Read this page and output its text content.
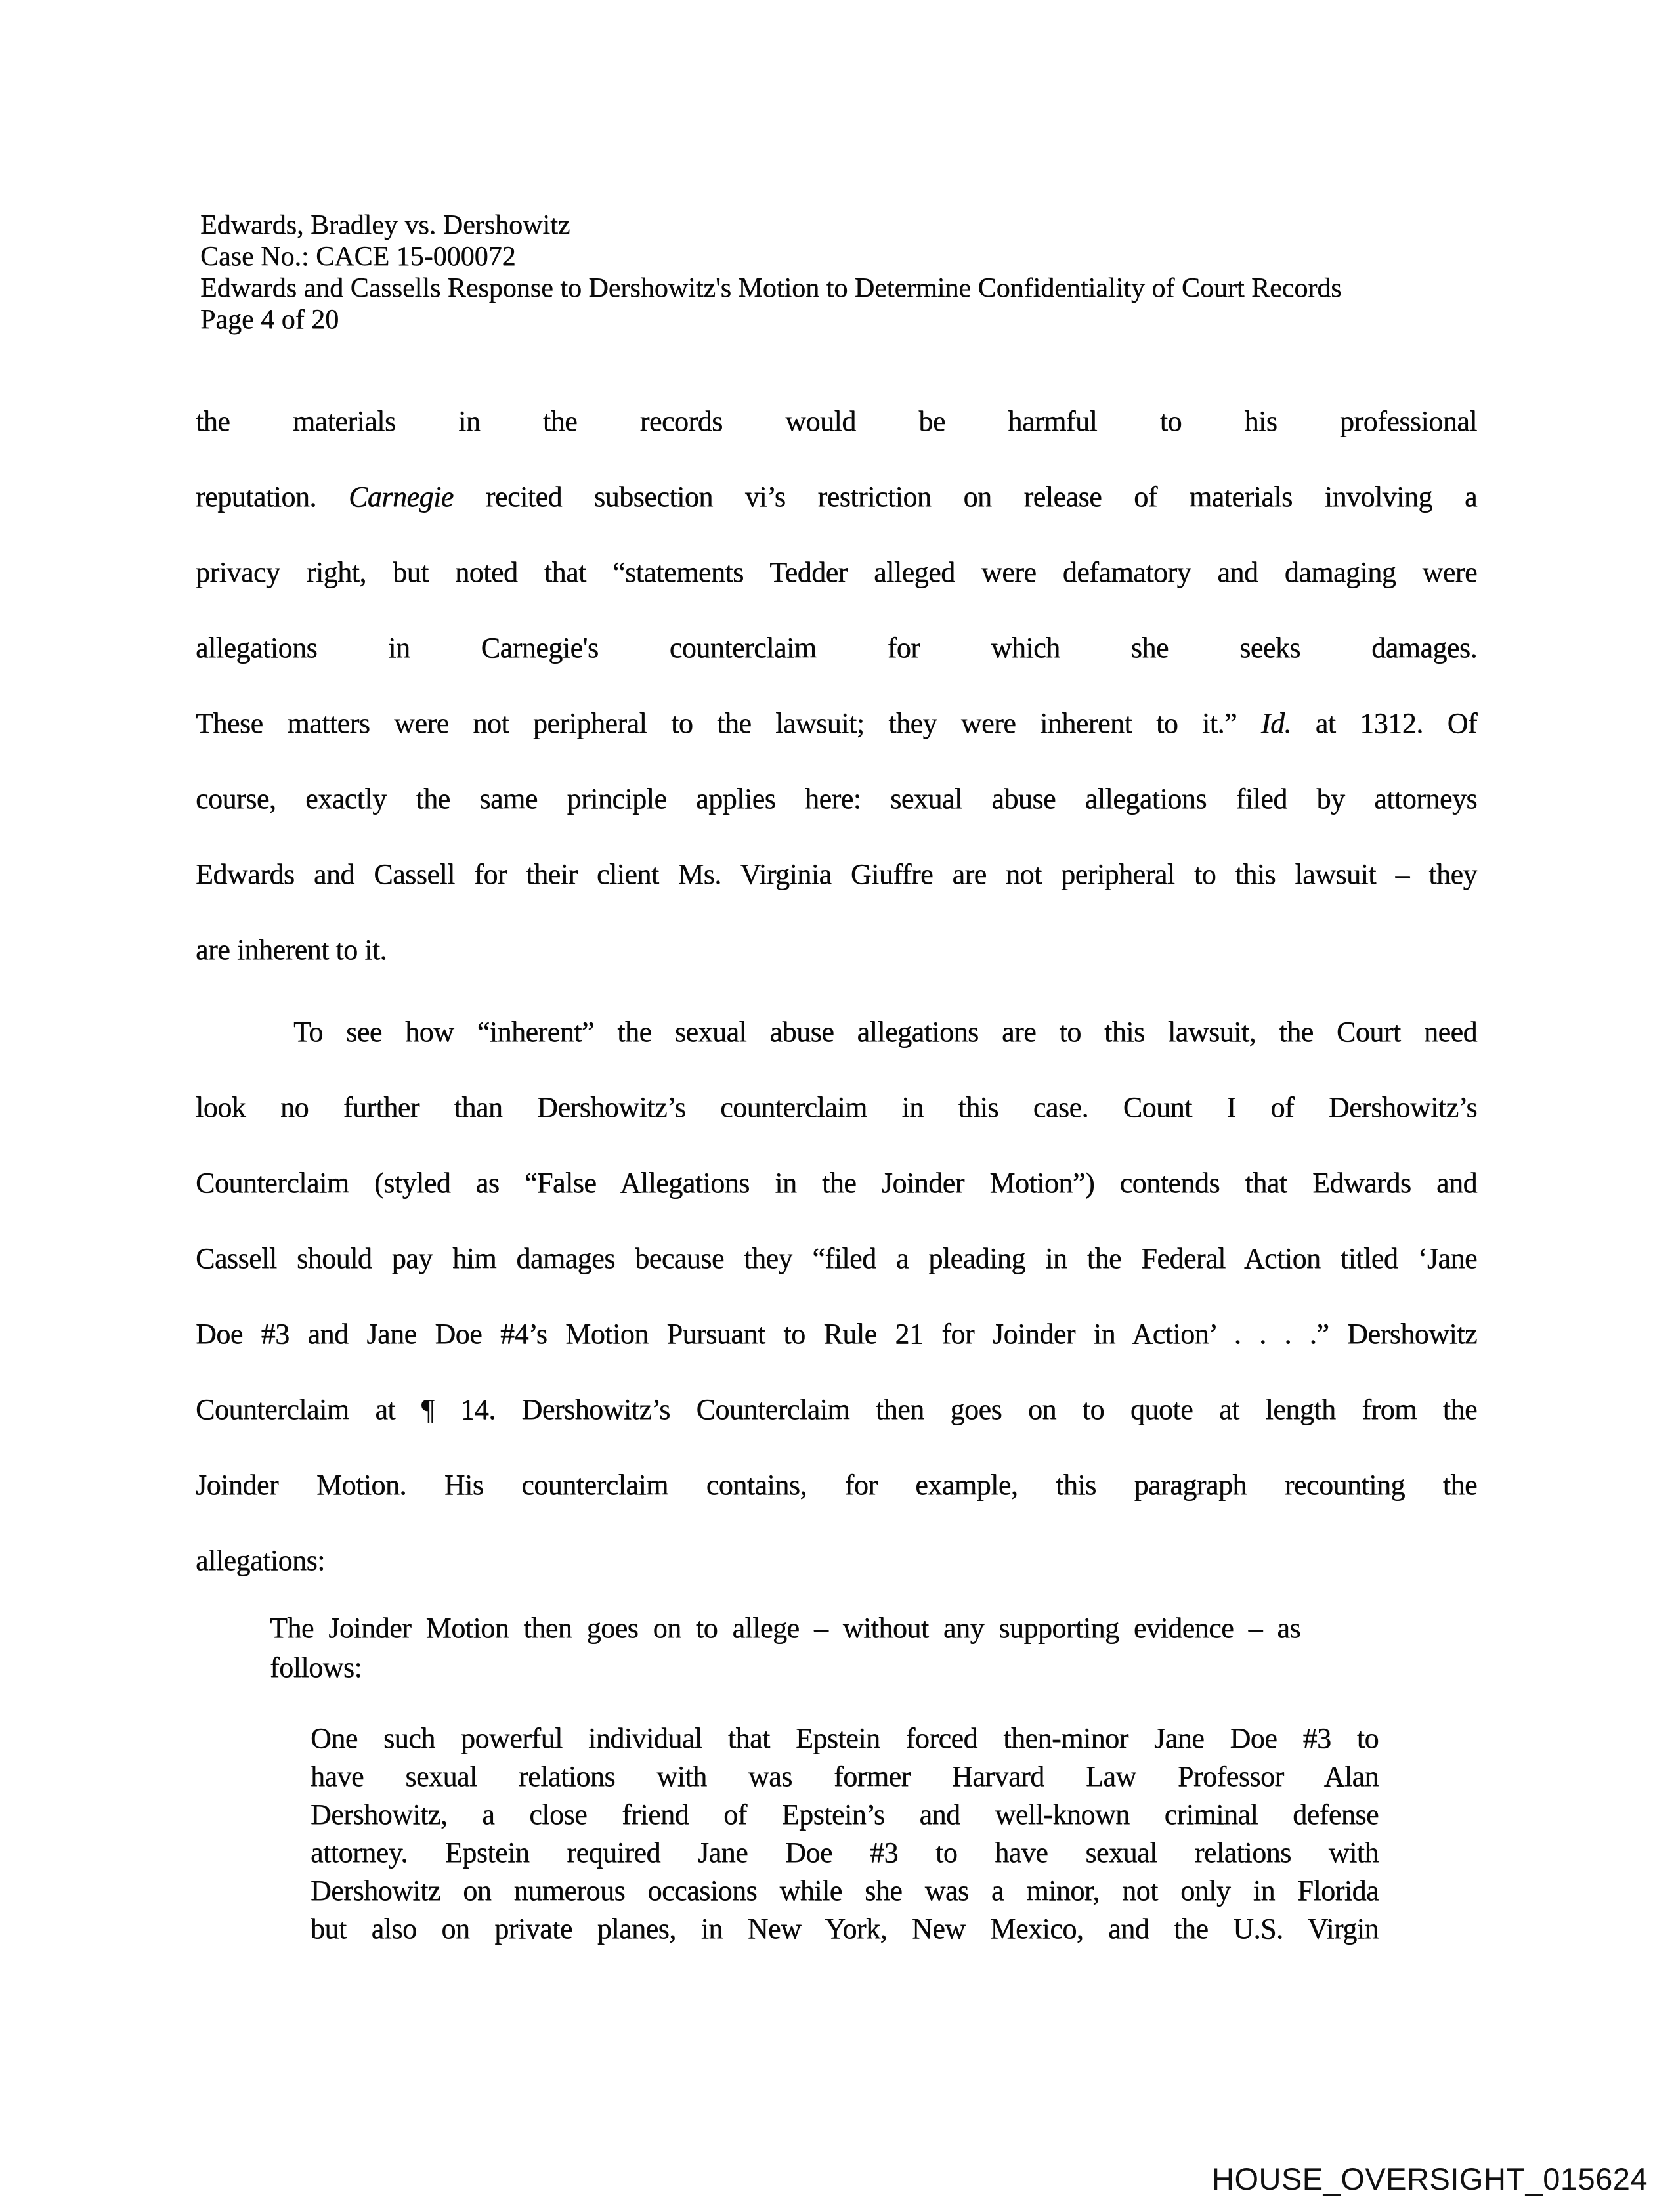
Edwards, Bradley vs. Dershowitz
Case No.: CACE 15-000072
Edwards and Cassells Response to Dershowitz's Motion to Determine Confidentiality of Court Records
Page 4 of 20
the materials in the records would be harmful to his professional
reputation. Carnegie recited subsection vi’s restriction on release of materials involving a
privacy right, but noted that “statements Tedder alleged were defamatory and damaging were
allegations in Carnegie's counterclaim for which she seeks damages.
These matters were not peripheral to the lawsuit; they were inherent to it.” Id. at 1312. Of
course, exactly the same principle applies here: sexual abuse allegations filed by attorneys
Edwards and Cassell for their client Ms. Virginia Giuffre are not peripheral to this lawsuit – they
are inherent to it.
To see how “inherent” the sexual abuse allegations are to this lawsuit, the Court need
look no further than Dershowitz’s counterclaim in this case. Count I of Dershowitz’s
Counterclaim (styled as “False Allegations in the Joinder Motion”) contends that Edwards and
Cassell should pay him damages because they “filed a pleading in the Federal Action titled ‘Jane
Doe #3 and Jane Doe #4’s Motion Pursuant to Rule 21 for Joinder in Action’ . . . .” Dershowitz
Counterclaim at ¶ 14. Dershowitz’s Counterclaim then goes on to quote at length from the
Joinder Motion. His counterclaim contains, for example, this paragraph recounting the
allegations:
The Joinder Motion then goes on to allege – without any supporting evidence – as
follows:
One such powerful individual that Epstein forced then-minor Jane Doe #3 to
have sexual relations with was former Harvard Law Professor Alan
Dershowitz, a close friend of Epstein’s and well-known criminal defense
attorney. Epstein required Jane Doe #3 to have sexual relations with
Dershowitz on numerous occasions while she was a minor, not only in Florida
but also on private planes, in New York, New Mexico, and the U.S. Virgin
HOUSE_OVERSIGHT_015624
